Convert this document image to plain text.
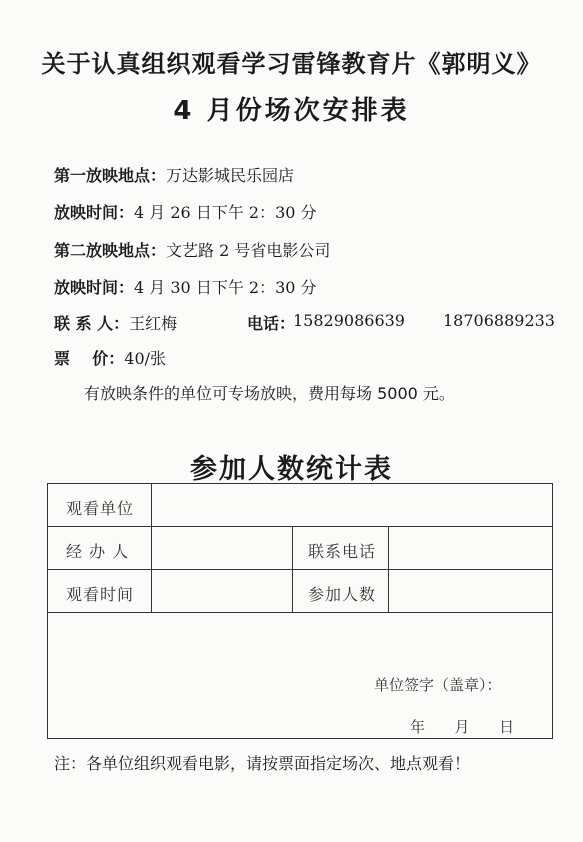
关于认真组织观看学习雷锋教育片《郭明义》
4 月份场次安排表
第一放映地点：万达影城民乐园店
放映时间：4 月 26 日下午 2：30 分
第二放映地点：文艺路 2 号省电影公司
放映时间：4 月 30 日下午 2：30 分
联 系 人：王红梅	电话：
15829086639 18706889233
票    价：40/张
有放映条件的单位可专场放映，费用每场 5000 元。
参加人数统计表
观看单位
经 办 人	联系电话
观看时间	参加人数
单位签字（盖章）：
年  月  日
注：各单位组织观看电影，请按票面指定场次、地点观看！
